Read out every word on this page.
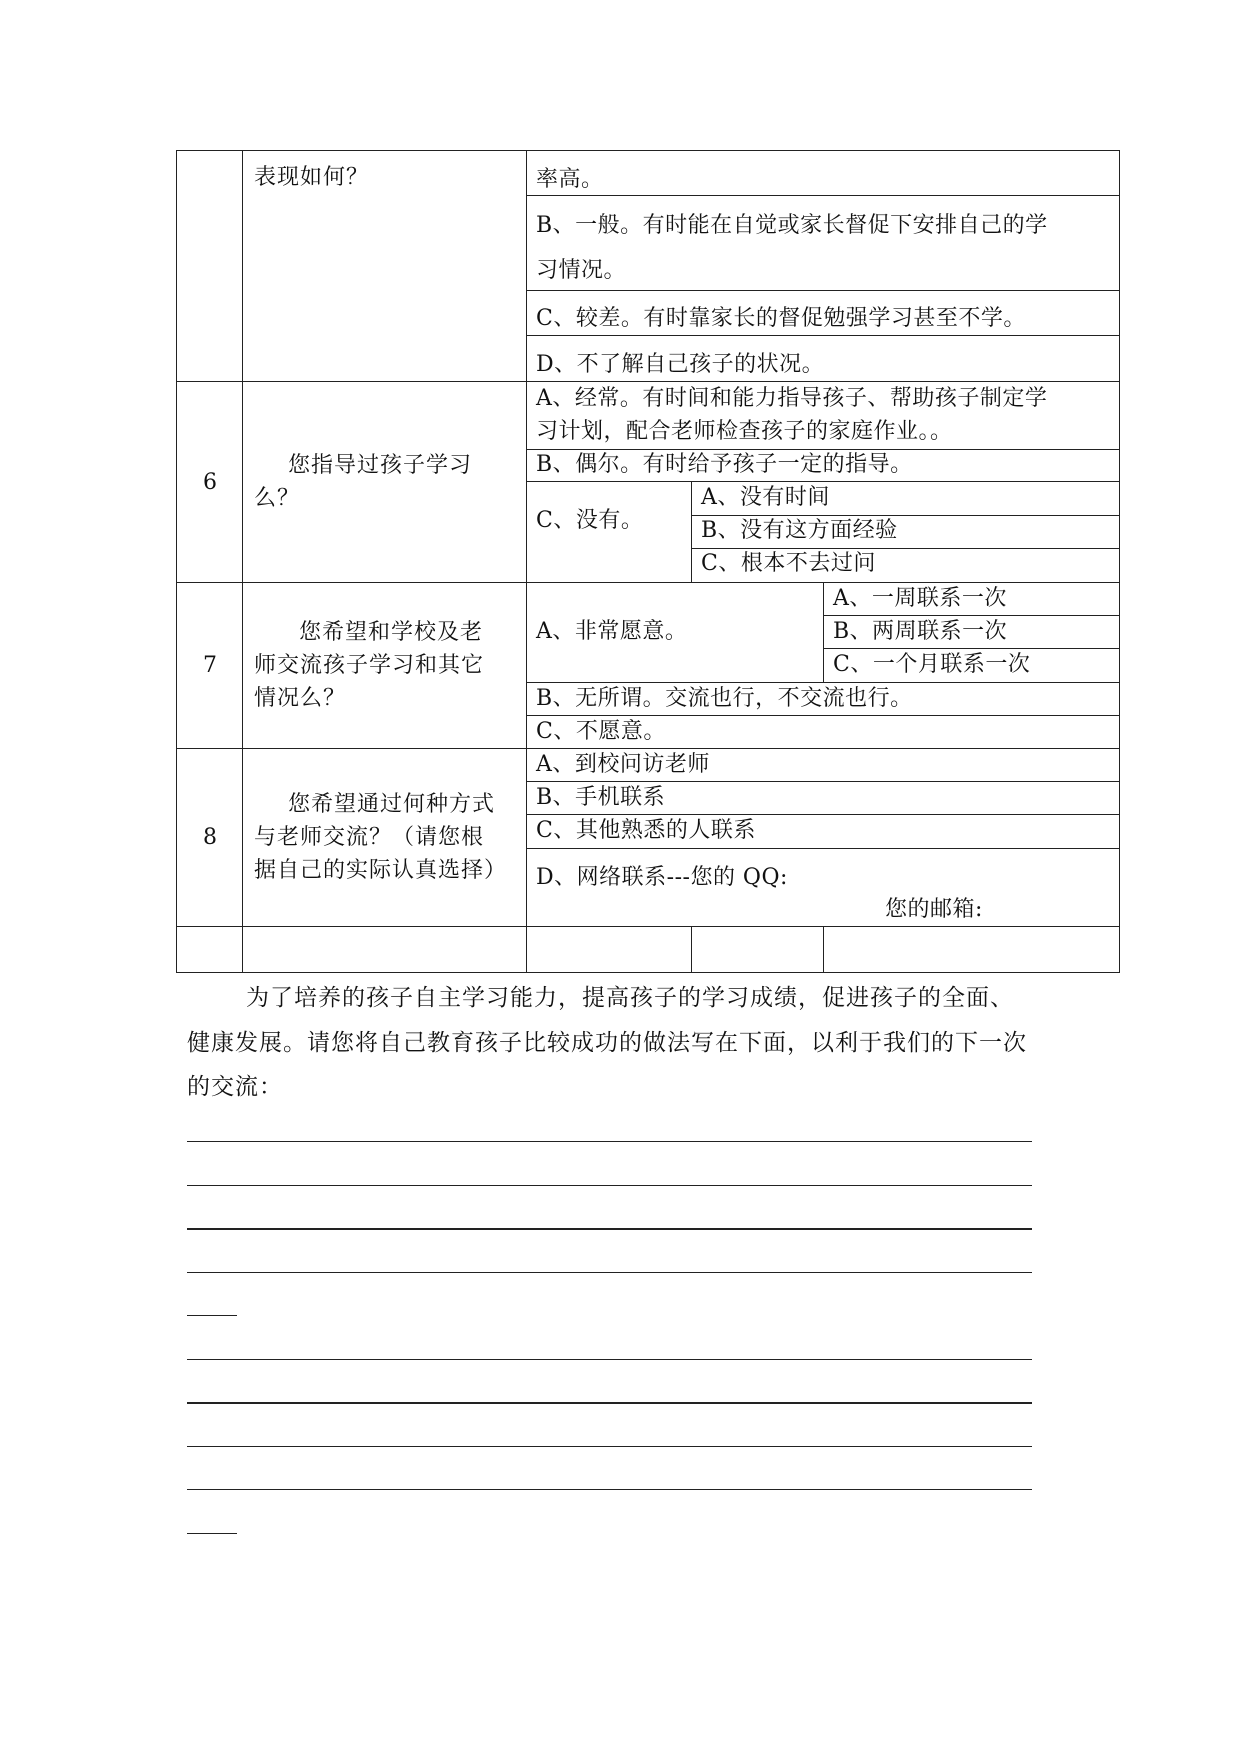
表现如何？	率高。
B、一般。有时能在自觉或家长督促下安排自己的学
习情况。
C、较差。有时靠家长的督促勉强学习甚至不学。
D、不了解自己孩子的状况。
6
您指导过孩子学习
么？
A、经常。有时间和能力指导孩子、帮助孩子制定学
习计划，配合老师检查孩子的家庭作业。。
B、偶尔。有时给予孩子一定的指导。
C、没有。
A、没有时间
B、没有这方面经验
C、根本不去过问
7
您希望和学校及老
师交流孩子学习和其它
情况么？
A、非常愿意。
A、一周联系一次
B、两周联系一次
C、一个月联系一次
B、无所谓。交流也行，不交流也行。
C、不愿意。
8
您希望通过何种方式
与老师交流？（请您根
据自己的实际认真选择）
A、到校问访老师
B、手机联系
C、其他熟悉的人联系
D、网络联系---您的 QQ:
您的邮箱:
为了培养的孩子自主学习能力，提高孩子的学习成绩，促进孩子的全面、
健康发展。请您将自己教育孩子比较成功的做法写在下面，以利于我们的下一次
的交流：
